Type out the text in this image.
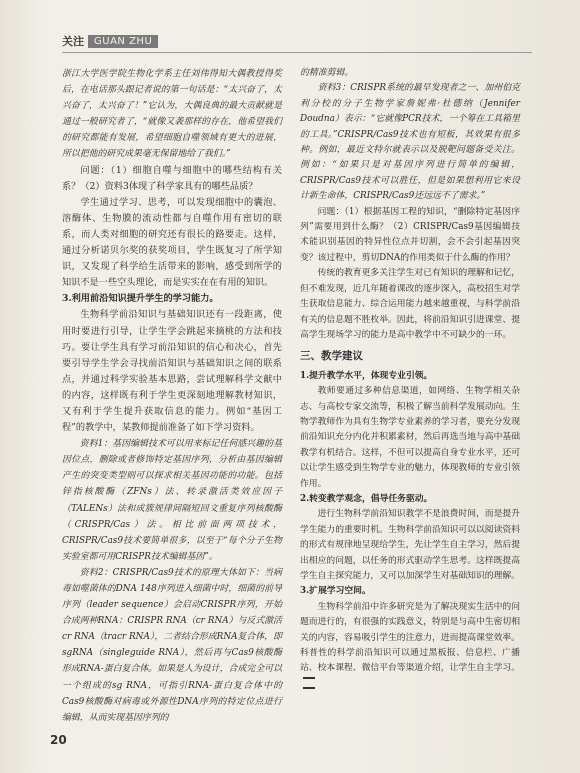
关注	GUAN ZHU

浙江大学医学院生物化学系主任刘伟得知大偶教授得奖后，在电话那头跟记者说的第一句话是：“太兴奋了，太兴奋了，太兴奋了！”它认为，大偶良典的最大贡献就是通过一般研究者了，“就像又袭那样的存在，他希望我们的研究都能有发展，希望细胞自噬领域有更大的进展，所以把他的研究成果毫无保留地给了我们。”

问题：（1）细胞自噬与细胞中的哪些结构有关系？（2）资料3体现了科学家具有的哪些品质？

学生通过学习、思考，可以发现细胞中的囊泡、溶酶体、生物膜的流动性都与自噬作用有密切的联系，而人类对细胞的研究还有很长的路要走。这样，通过分析诺贝尔奖的获奖项目，学生既复习了所学知识，又发现了科学给生活带来的影响，感受到所学的知识不是一些空头理论，而是实实在在有用的知识。

3.利用前沿知识提升学生的学习能力。

生物科学前沿知识与基础知识还有一段距离，使用时要进行引导，让学生学会跳起来摘桃的方法和技巧。要让学生具有学习前沿知识的信心和决心，首先要引导学生学会寻找前沿知识与基础知识之间的联系点，并通过科学实验基本思路，尝试理解科学文献中的内容，这样既有利于学生更深刻地理解教材知识，又有利于学生提升获取信息的能力。例如“基因工程”的教学中，某教师提前准备了如下学习资料。

资料1：基因编辑技术可以用来标记任何感兴趣的基因位点，删除或者修饰特定基因序列，分析由基因编辑产生的突变类型则可以探求相关基因功能的功能。包括锌指核酸酶（ZFNs）法、转录激活类效应因子（TALENs）法和成簇规律间隔短回文重复序列核酸酶（CRISPR/Cas）法。相比前面两项技术，CRISPR/Cas9技术要简单很多，以至于“每个分子生物实验室都可用CRISPR技术编辑基因”。

资料2：CRISPR/Cas9技术的原理大体如下：当病毒如噬菌体的DNA 148序列进入细菌中时，细菌的前导序列（leader sequence）会启动CRISPR序列，开始合成两种RNA：CRISPR RNA（cr RNA）与反式激活cr RNA（tracr RNA），二者结合形成RNA复合体，即sgRNA（singleguide RNA），然后再与Cas9核酸酶形成RNA-蛋白复合体。如果是人为设计，合成完全可以一个组成的sg RNA，可指引RNA-蛋白复合体中的Cas9核酸酶对病毒或外源性DNA序列的特定位点进行编辑，从而实现基因序列的

的精准剪辑。

资料3：CRISPR系统的最早发现者之一、加州伯克利分校的分子生物学家詹妮弗·杜德纳（Jennifer Doudna）表示：“它就像PCR技术，一个筹在工具箱里的工具。”CRISPR/Cas9技术也有短板，其效果有很多种。例如，最近文特尔就表示以及脱靶问题备受关注。例如：“如果只是对基因序列进行简单的编辑，CRISPR/Cas9技术可以胜任，但是如果想利用它来设计新生命体，CRISPR/Cas9还远远不了需求。”

问题：（1）根据基因工程的知识，“删除特定基因序列”需要用到什么酶？（2）CRISPR/Cas9基因编辑技术能识别基因的特异性位点并切割，会不会引起基因突变？该过程中，剪切DNA的作用类似于什么酶的作用？

传统的教育更多关注学生对已有知识的理解和记忆，但不难发现，近几年随着课改的逐步深入，高校招生对学生获取信息能力、综合运用能力越来越重视，与科学前沿有关的信息题不胜枚举。因此，将前沿知识引进课堂、提高学生现场学习的能力是高中教学中不可缺少的一环。

三、教学建议

1.提升教学水平，体现专业引领。

教师要通过多种信息渠道，如网络、生物学相关杂志、与高校专家交流等，积极了解当前科学发展动向。生物学教师作为具有生物学专业素养的学习者，要充分发现前沿知识充分内化并积累素材，然后再选当地与高中基础教学有机结合。这样，不但可以提高自身专业水平，还可以让学生感受到生物学专业的魅力，体现教师的专业引领作用。

2.转变教学观念，倡导任务驱动。

进行生物科学前沿知识教学不是浪费时间，而是提升学生能力的重要时机。生物科学前沿知识可以以阅读资料的形式有规律地呈现给学生，先让学生自主学习，然后提出相应的问题，以任务的形式驱动学生思考。这样既提高学生自主探究能力，又可以加深学生对基础知识的理解。

3.扩展学习空间。

生物科学前沿中许多研究是为了解决现实生活中的问题而进行的，有很强的实践意义，特别是与高中生密切相关的内容，容易吸引学生的注意力，进而提高课堂效率。科普性的科学前沿知识可以通过黑板报、信息栏、广播站、校本课程、微信平台等渠道介绍，让学生自主学习。

20
